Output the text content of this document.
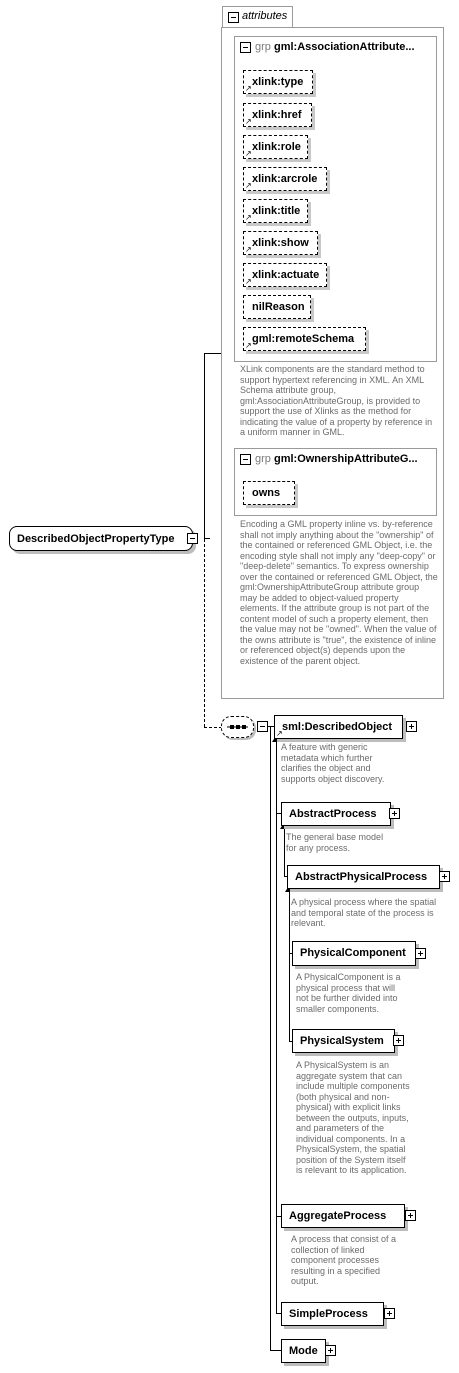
DescribedObjectPropertyType
attributes
grp gml:AssociationAttribute...
xlink:type
↗
xlink:href
↗
xlink:role
↗
xlink:arcrole
↗
xlink:title
↗
xlink:show
↗
xlink:actuate
↗
nilReason
gml:remoteSchema
↗
XLink components are the standard method to support hypertext referencing in XML. An XML Schema attribute group, gml:AssociationAttributeGroup, is provided to support the use of Xlinks as the method for indicating the value of a property by reference in a uniform manner in GML.
grp gml:OwnershipAttributeG...
owns
Encoding a GML property inline vs. by-reference shall not imply anything about the "ownership" of the contained or referenced GML Object, i.e. the encoding style shall not imply any "deep-copy" or "deep-delete" semantics. To express ownership over the contained or referenced GML Object, the gml:OwnershipAttributeGroup attribute group may be added to object-valued property elements. If the attribute group is not part of the content model of such a property element, then the value may not be "owned". When the value of the owns attribute is "true", the existence of inline or referenced object(s) depends upon the existence of the parent object.
sml:DescribedObject
↗
A feature with generic metadata which further clarifies the object and supports object discovery.
AbstractProcess
The general base model for any process.
AbstractPhysicalProcess
A physical process where the spatial and temporal state of the process is relevant.
PhysicalComponent
A PhysicalComponent is a physical process that will not be further divided into smaller components.
PhysicalSystem
A PhysicalSystem is an aggregate system that can include multiple components (both physical and non-physical) with explicit links between the outputs, inputs, and parameters of the individual components. In a PhysicalSystem, the spatial position of the System itself is relevant to its application.
AggregateProcess
A process that consist of a collection of linked component processes resulting in a specified output.
SimpleProcess
Mode
